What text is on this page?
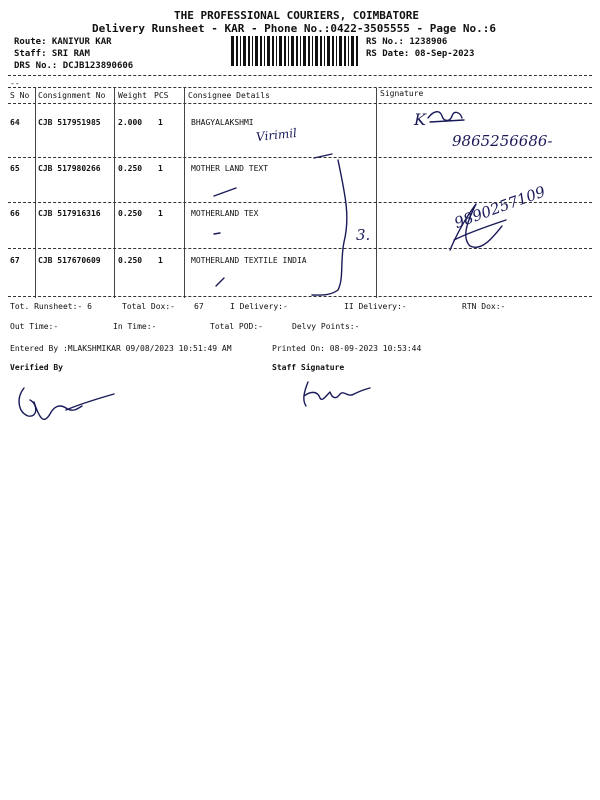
THE PROFESSIONAL COURIERS, COIMBATORE
Delivery Runsheet - KAR - Phone No.:0422-3505555 - Page No.:6
Route: KANIYUR KAR
Staff: SRI RAM
DRS No.: DCJB123890606
RS No.: 1238906
RS Date: 08-Sep-2023
--
S No Consignment No Weight PCS Consignee Details	Signature
64 CJB 517951985 2.000 1	BHAGYALAKSHMI
65 CJB 517980266 0.250 1	MOTHER LAND TEXT
66 CJB 517916316 0.250 1	MOTHERLAND TEX
67 CJB 517670609 0.250 1	MOTHERLAND TEXTILE INDIA
Tot. Runsheet:- 6	Total Dox:- 67	I Delivery:-	II Delivery:-	RTN Dox:-
Out Time:-	In Time:-	Total POD:-	Delvy Points:-
Entered By :MLAKSHMIKAR 09/08/2023 10:51:49 AM	Printed On: 08-09-2023 10:53:44
Verified By	Staff Signature
K
9865256686-
Virimil
3.
9890257109
